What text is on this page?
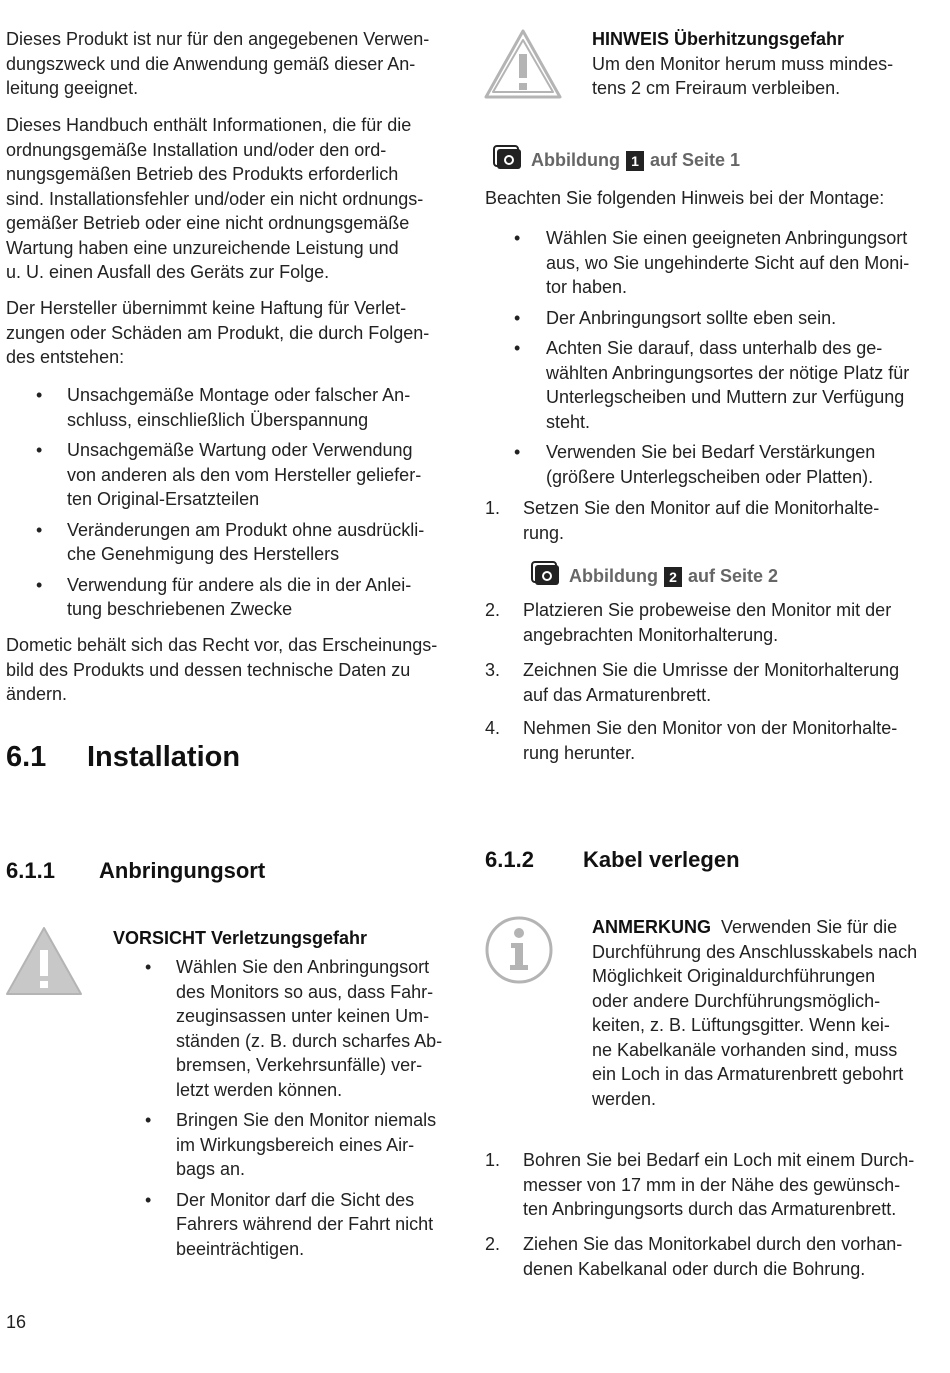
Dieses Produkt ist nur für den angegebenen Verwen-
dungszweck und die Anwendung gemäß dieser An-
leitung geeignet.
Dieses Handbuch enthält Informationen, die für die
ordnungsgemäße Installation und/oder den ord-
nungsgemäßen Betrieb des Produkts erforderlich
sind. Installationsfehler und/oder ein nicht ordnungs-
gemäßer Betrieb oder eine nicht ordnungsgemäße
Wartung haben eine unzureichende Leistung und
u. U. einen Ausfall des Geräts zur Folge.
Der Hersteller übernimmt keine Haftung für Verlet-
zungen oder Schäden am Produkt, die durch Folgen-
des entstehen:
• Unsachgemäße Montage oder falscher An-
schluss, einschließlich Überspannung
• Unsachgemäße Wartung oder Verwendung
von anderen als den vom Hersteller geliefer-
ten Original-Ersatzteilen
• Veränderungen am Produkt ohne ausdrückli-
che Genehmigung des Herstellers
• Verwendung für andere als die in der Anlei-
tung beschriebenen Zwecke
Dometic behält sich das Recht vor, das Erscheinungs-
bild des Produkts und dessen technische Daten zu
ändern.
6.1 Installation
6.1.1 Anbringungsort
VORSICHT Verletzungsgefahr
• Wählen Sie den Anbringungsort
des Monitors so aus, dass Fahr-
zeuginsassen unter keinen Um-
ständen (z. B. durch scharfes Ab-
bremsen, Verkehrsunfälle) ver-
letzt werden können.
• Bringen Sie den Monitor niemals
im Wirkungsbereich eines Air-
bags an.
• Der Monitor darf die Sicht des
Fahrers während der Fahrt nicht
beeinträchtigen.
HINWEIS Überhitzungsgefahr
Um den Monitor herum muss mindes-
tens 2 cm Freiraum verbleiben.
Abbildung 1 auf Seite 1
Beachten Sie folgenden Hinweis bei der Montage:
• Wählen Sie einen geeigneten Anbringungsort
aus, wo Sie ungehinderte Sicht auf den Moni-
tor haben.
• Der Anbringungsort sollte eben sein.
• Achten Sie darauf, dass unterhalb des ge-
wählten Anbringungsortes der nötige Platz für
Unterlegscheiben und Muttern zur Verfügung
steht.
• Verwenden Sie bei Bedarf Verstärkungen
(größere Unterlegscheiben oder Platten).
1. Setzen Sie den Monitor auf die Monitorhalte-
rung.
Abbildung 2 auf Seite 2
2. Platzieren Sie probeweise den Monitor mit der
angebrachten Monitorhalterung.
3. Zeichnen Sie die Umrisse der Monitorhalterung
auf das Armaturenbrett.
4. Nehmen Sie den Monitor von der Monitorhalte-
rung herunter.
6.1.2 Kabel verlegen
ANMERKUNG Verwenden Sie für die
Durchführung des Anschlusskabels nach
Möglichkeit Originaldurchführungen
oder andere Durchführungsmöglich-
keiten, z. B. Lüftungsgitter. Wenn kei-
ne Kabelkanäle vorhanden sind, muss
ein Loch in das Armaturenbrett gebohrt
werden.
1. Bohren Sie bei Bedarf ein Loch mit einem Durch-
messer von 17 mm in der Nähe des gewünsch-
ten Anbringungsorts durch das Armaturenbrett.
2. Ziehen Sie das Monitorkabel durch den vorhan-
denen Kabelkanal oder durch die Bohrung.
16
